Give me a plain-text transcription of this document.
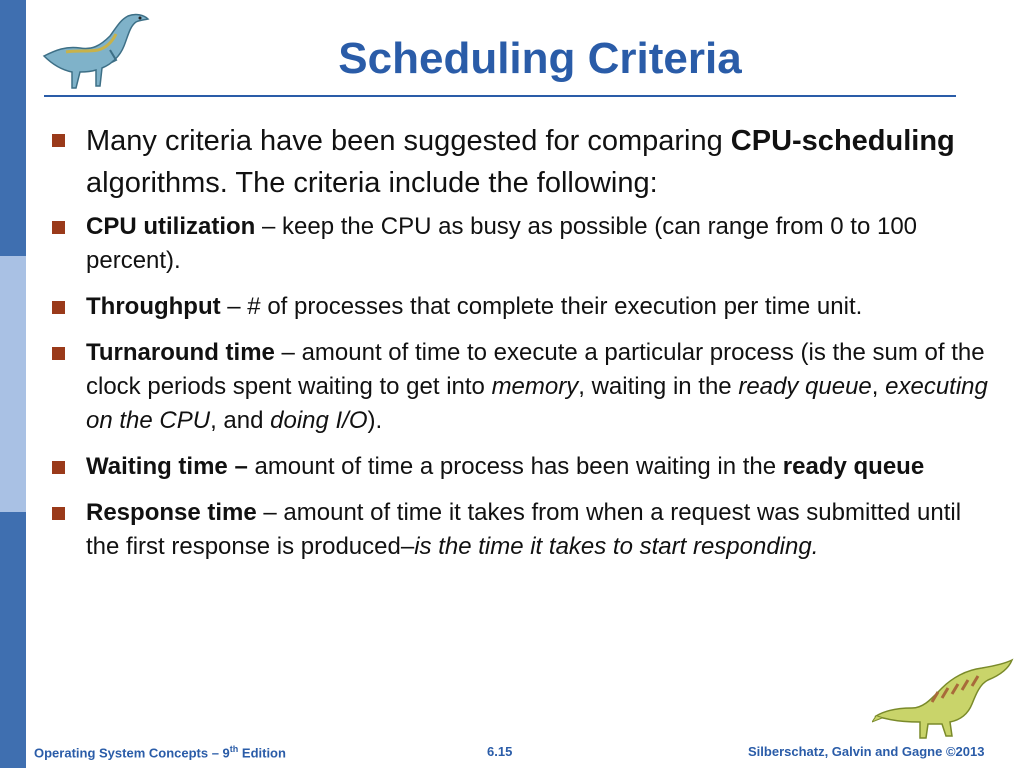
Scheduling Criteria
Many criteria have been suggested for comparing CPU-scheduling algorithms. The criteria include the following:
CPU utilization – keep the CPU as busy as possible (can range from 0 to 100 percent).
Throughput – # of processes that complete their execution per time unit.
Turnaround time – amount of time to execute a particular process (is the sum of the clock periods spent waiting to get into memory, waiting in the ready queue, executing on the CPU, and doing I/O).
Waiting time – amount of time a process has been waiting in the ready queue
Response time – amount of time it takes from when a request was submitted until the first response is produced–is the time it takes to start responding.
Operating System Concepts – 9th Edition	6.15	Silberschatz, Galvin and Gagne ©2013
